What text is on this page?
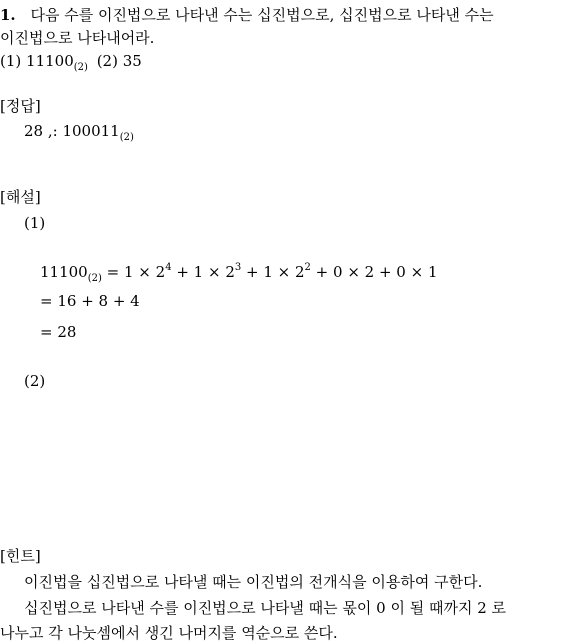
1. 다음 수를 이진법으로 나타낸 수는 십진법으로, 십진법으로 나타낸 수는
이진법으로 나타내어라.
(1) $11100_{(2)}$ (2) 35
[정답]
28 ,: $100011_{(2)}$
[해설]
(1)
$11100_{(2)} = 1 \times 2^4 + 1 \times 2^3 + 1 \times 2^2 + 0 \times 2 + 0 \times 1$
= 16 + 8 + 4
= 28
(2)
[힌트]
이진법을 십진법으로 나타낼 때는 이진법의 전개식을 이용하여 구한다.
십진법으로 나타낸 수를 이진법으로 나타낼 때는 몫이 0 이 될 때까지 2 로
나누고 각 나눗셈에서 생긴 나머지를 역순으로 쓴다.
